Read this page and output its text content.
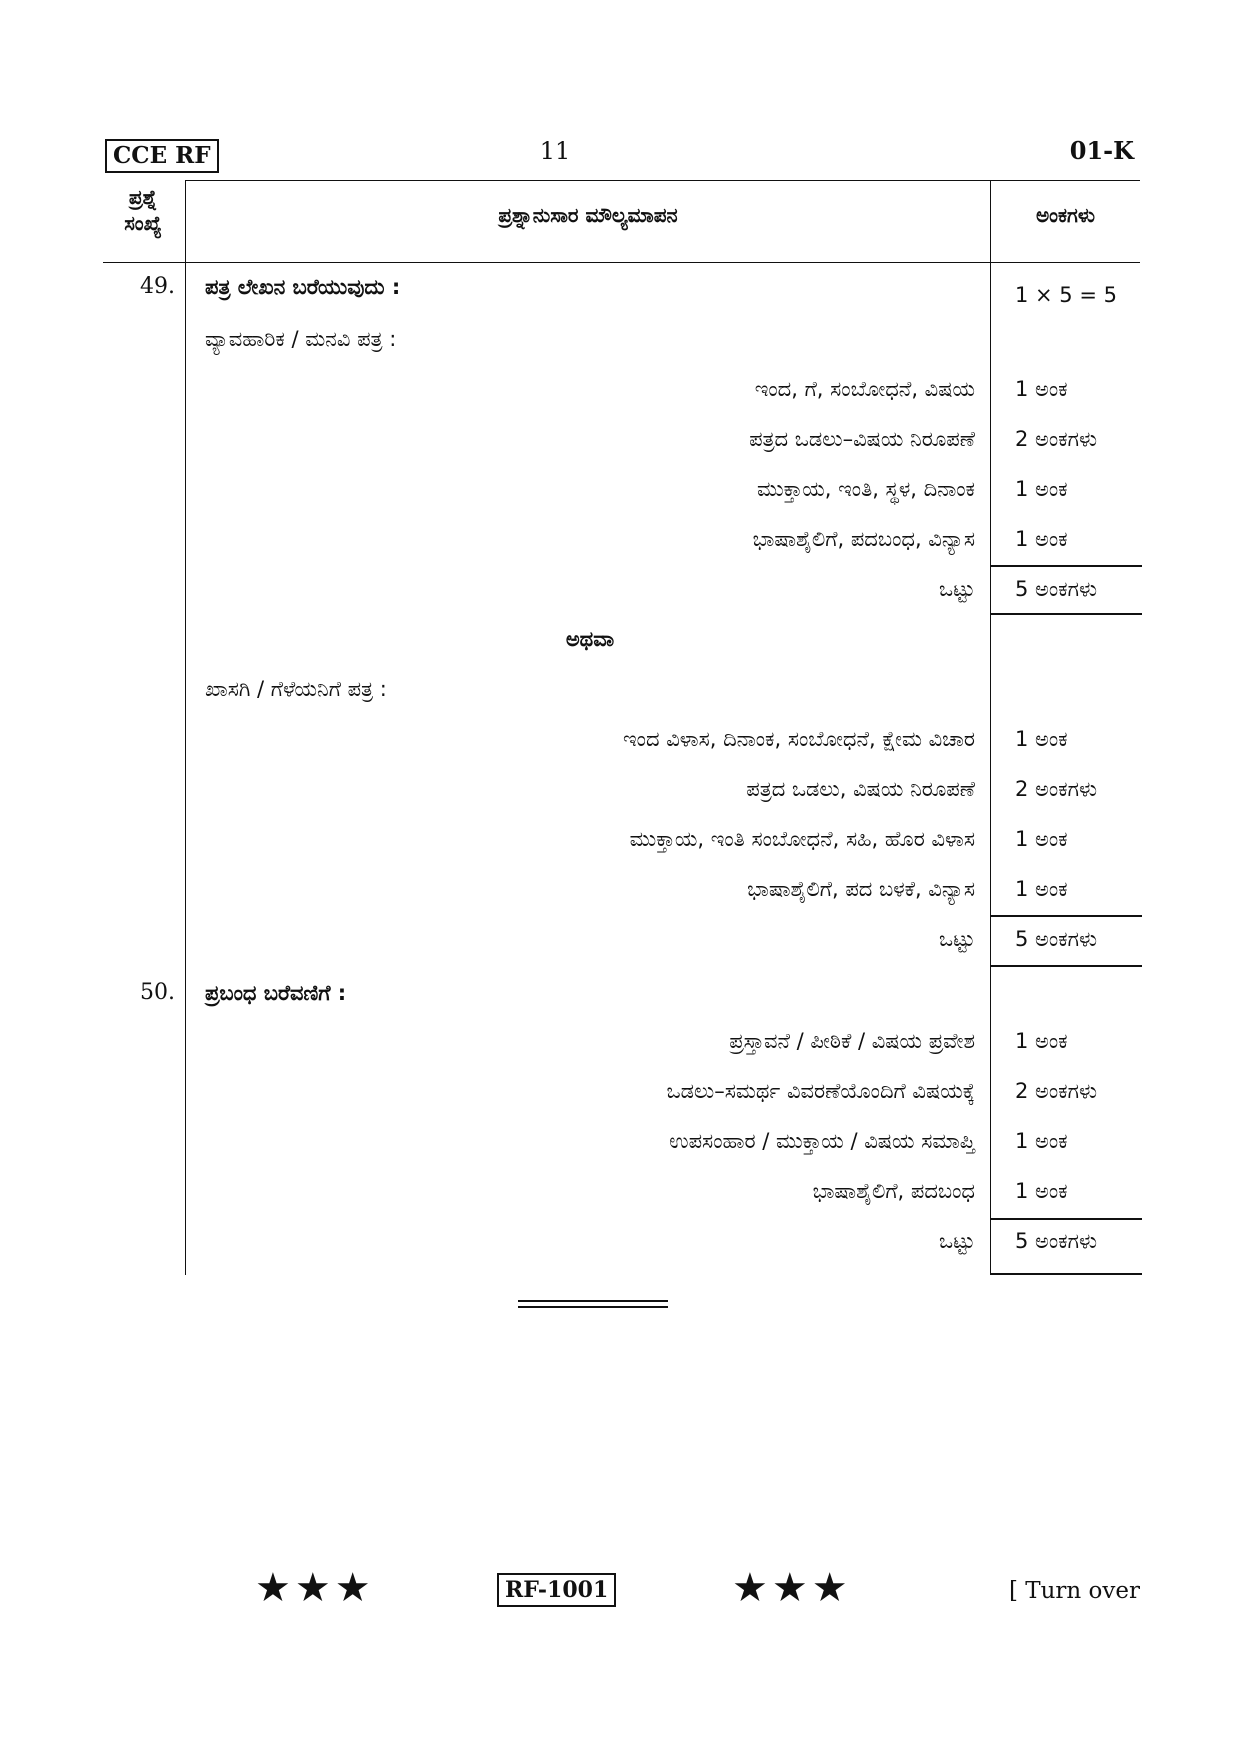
CCE RF	11	01-K
ಪ್ರಶ್ನೆ
ಸಂಖ್ಯೆ	ಪ್ರಶ್ನಾನುಸಾರ ಮೌಲ್ಯಮಾಪನ	ಅಂಕಗಳು
49. ಪತ್ರ ಲೇಖನ ಬರೆಯುವುದು :	1 × 5 = 5
ವ್ಯಾವಹಾರಿಕ / ಮನವಿ ಪತ್ರ :
ಇಂದ, ಗೆ, ಸಂಬೋಧನೆ, ವಿಷಯ 1 ಅಂಕ
ಪತ್ರದ ಒಡಲು–ವಿಷಯ ನಿರೂಪಣೆ 2 ಅಂಕಗಳು
ಮುಕ್ತಾಯ, ಇಂತಿ, ಸ್ಥಳ, ದಿನಾಂಕ 1 ಅಂಕ
ಭಾಷಾಶೈಲಿಗೆ, ಪದಬಂಧ, ವಿನ್ಯಾಸ 1 ಅಂಕ
ಒಟ್ಟು 5 ಅಂಕಗಳು
ಅಥವಾ
ಖಾಸಗಿ / ಗೆಳೆಯನಿಗೆ ಪತ್ರ :
ಇಂದ ವಿಳಾಸ, ದಿನಾಂಕ, ಸಂಬೋಧನೆ, ಕ್ಷೇಮ ವಿಚಾರ 1 ಅಂಕ
ಪತ್ರದ ಒಡಲು, ವಿಷಯ ನಿರೂಪಣೆ 2 ಅಂಕಗಳು
ಮುಕ್ತಾಯ, ಇಂತಿ ಸಂಬೋಧನೆ, ಸಹಿ, ಹೊರ ವಿಳಾಸ 1 ಅಂಕ
ಭಾಷಾಶೈಲಿಗೆ, ಪದ ಬಳಕೆ, ವಿನ್ಯಾಸ 1 ಅಂಕ
ಒಟ್ಟು 5 ಅಂಕಗಳು
50. ಪ್ರಬಂಧ ಬರೆವಣಿಗೆ :
ಪ್ರಸ್ತಾವನೆ / ಪೀಠಿಕೆ / ವಿಷಯ ಪ್ರವೇಶ 1 ಅಂಕ
ಒಡಲು–ಸಮರ್ಥ ವಿವರಣೆಯೊಂದಿಗೆ ವಿಷಯಕ್ಕೆ 2 ಅಂಕಗಳು
ಉಪಸಂಹಾರ / ಮುಕ್ತಾಯ / ವಿಷಯ ಸಮಾಪ್ತಿ 1 ಅಂಕ
ಭಾಷಾಶೈಲಿಗೆ, ಪದಬಂಧ 1 ಅಂಕ
ಒಟ್ಟು 5 ಅಂಕಗಳು
★★★	RF-1001	★★★	[ Turn over
